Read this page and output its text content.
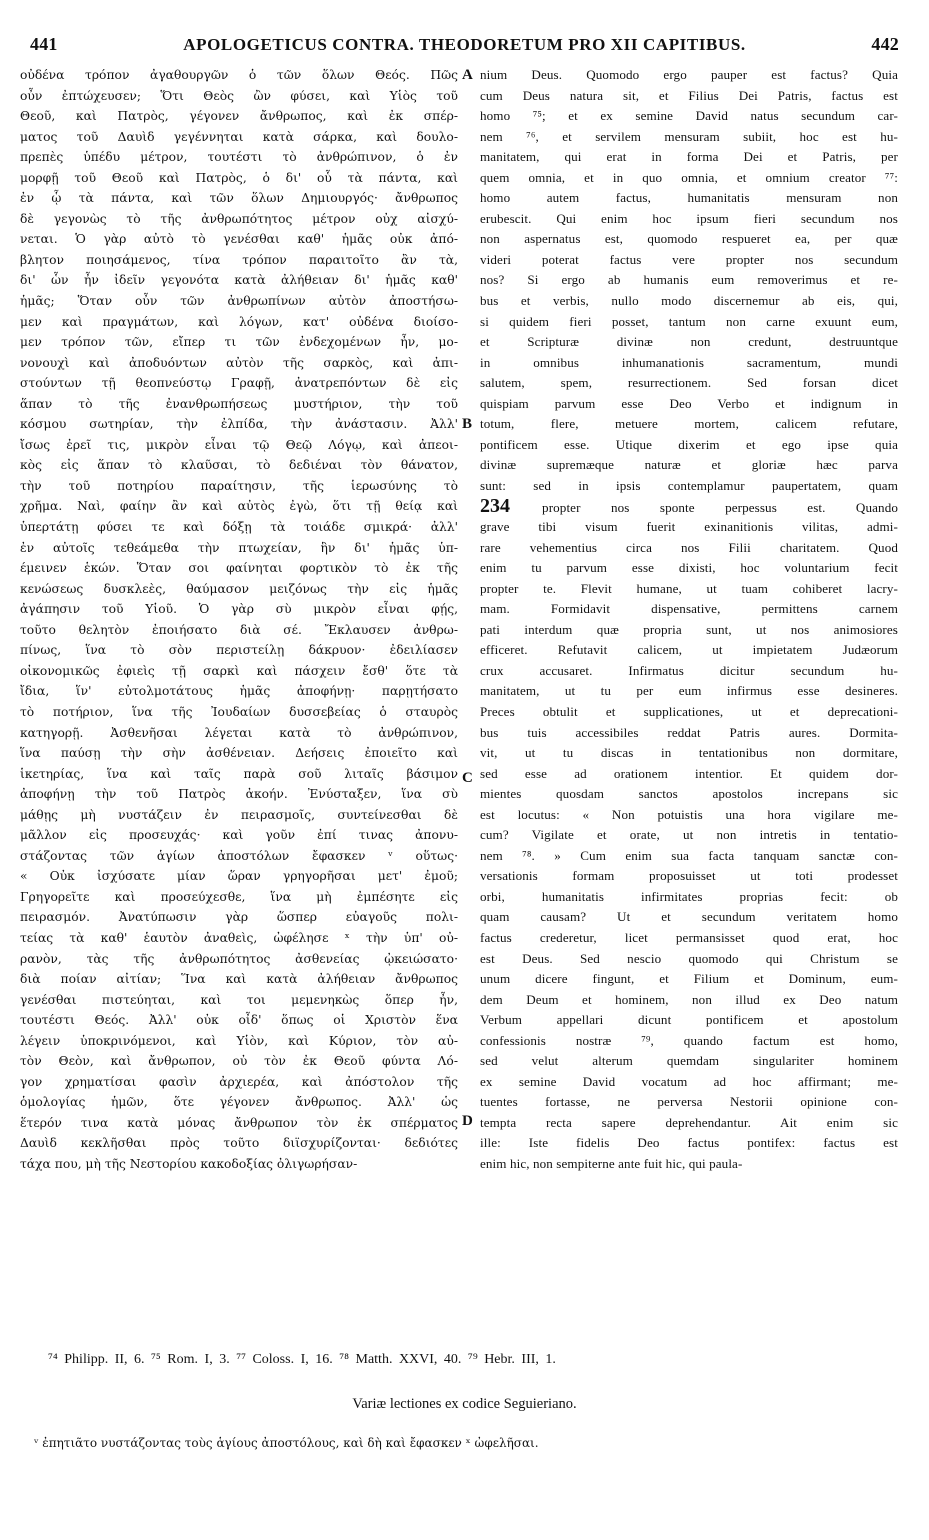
441	APOLOGETICUS CONTRA. THEODORETUM PRO XII CAPITIBUS.	442
οὐδένα τρόπον ἀγαθουργῶν ὁ τῶν ὅλων Θεός. Πῶς
οὖν ἐπτώχευσεν; Ὅτι Θεὸς ὢν φύσει, καὶ Υἱὸς τοῦ
Θεοῦ, καὶ Πατρὸς, γέγονεν ἄνθρωπος, καὶ ἐκ σπέρ-
ματος τοῦ Δαυὶδ γεγέννηται κατὰ σάρκα, καὶ δουλο-
πρεπὲς ὑπέδυ μέτρον, τουτέστι τὸ ἀνθρώπινον, ὁ ἐν
μορφῇ τοῦ Θεοῦ καὶ Πατρὸς, ὁ δι' οὗ τὰ πάντα, καὶ
ἐν ᾧ τὰ πάντα, καὶ τῶν ὅλων Δημιουργός· ἄνθρωπος
δὲ γεγονὼς τὸ τῆς ἀνθρωπότητος μέτρον οὐχ αἰσχύ-
νεται. Ὁ γὰρ αὐτὸ τὸ γενέσθαι καθ' ἡμᾶς οὐκ ἀπό-
βλητον ποιησάμενος, τίνα τρόπον παραιτοῖτο ἂν τὰ,
δι' ὧν ἦν ἰδεῖν γεγονότα κατὰ ἀλήθειαν δι' ἡμᾶς καθ'
ἡμᾶς; Ὅταν οὖν τῶν ἀνθρωπίνων αὐτὸν ἀποστήσω-
μεν καὶ πραγμάτων, καὶ λόγων, κατ' οὐδένα διοίσο-
μεν τρόπον τῶν, εἴπερ τι τῶν ἐνδεχομένων ἦν, μο-
νονουχὶ καὶ ἀποδυόντων αὐτὸν τῆς σαρκὸς, καὶ ἀπι-
στούντων τῇ θεοπνεύστῳ Γραφῇ, ἀνατρεπόντων δὲ εἰς
ἅπαν τὸ τῆς ἐνανθρωπήσεως μυστήριον, τὴν τοῦ
κόσμου σωτηρίαν, τὴν ἐλπίδα, τὴν ἀνάστασιν. Ἀλλ'
ἴσως ἐρεῖ τις, μικρὸν εἶναι τῷ Θεῷ Λόγῳ, καὶ ἀπεοι-
κὸς εἰς ἅπαν τὸ κλαῦσαι, τὸ δεδιέναι τὸν θάνατον,
τὴν τοῦ ποτηρίου παραίτησιν, τῆς ἱερωσύνης τὸ
χρῆμα. Ναὶ, φαίην ἂν καὶ αὐτὸς ἐγὼ, ὅτι τῇ θείᾳ καὶ
ὑπερτάτῃ φύσει τε καὶ δόξῃ τὰ τοιάδε σμικρά· ἀλλ'
ἐν αὐτοῖς τεθεάμεθα τὴν πτωχείαν, ἣν δι' ἡμᾶς ὑπ-
έμεινεν ἑκών. Ὅταν σοι φαίνηται φορτικὸν τὸ ἐκ τῆς
κενώσεως δυσκλεὲς, θαύμασον μειζόνως τὴν εἰς ἡμᾶς
ἀγάπησιν τοῦ Υἱοῦ. Ὁ γὰρ σὺ μικρὸν εἶναι φῄς,
τοῦτο θελητὸν ἐποιήσατο διὰ σέ. Ἔκλαυσεν ἀνθρω-
πίνως, ἵνα τὸ σὸν περιστείλῃ δάκρυον· ἐδειλίασεν
οἰκονομικῶς ἐφιεὶς τῇ σαρκὶ καὶ πάσχειν ἔσθ' ὅτε τὰ
ἴδια, ἵν' εὐτολμοτάτους ἡμᾶς ἀποφήνῃ· παρῃτήσατο
τὸ ποτήριον, ἵνα τῆς Ἰουδαίων δυσσεβείας ὁ σταυρὸς
κατηγορῇ. Ἀσθενῆσαι λέγεται κατὰ τὸ ἀνθρώπινον,
ἵνα παύσῃ τὴν σὴν ἀσθένειαν. Δεήσεις ἐποιεῖτο καὶ
ἱκετηρίας, ἵνα καὶ ταῖς παρὰ σοῦ λιταῖς βάσιμον
ἀποφήνῃ τὴν τοῦ Πατρὸς ἀκοήν. Ἐνύσταξεν, ἵνα σὺ
μάθῃς μὴ νυστάζειν ἐν πειρασμοῖς, συντείνεσθαι δὲ
μᾶλλον εἰς προσευχάς· καὶ γοῦν ἐπί τινας ἀπονυ-
στάζοντας τῶν ἁγίων ἀποστόλων ἔφασκεν ᵛ οὕτως·
« Οὐκ ἰσχύσατε μίαν ὥραν γρηγορῆσαι μετ' ἐμοῦ;
Γρηγορεῖτε καὶ προσεύχεσθε, ἵνα μὴ ἐμπέσητε εἰς
πειρασμόν. Ἀνατύπωσιν γὰρ ὥσπερ εὐαγοῦς πολι-
τείας τὰ καθ' ἑαυτὸν ἀναθεὶς, ὠφέλησε ˣ τὴν ὑπ' οὐ-
ρανὸν, τὰς τῆς ἀνθρωπότητος ἀσθενείας ᾠκειώσατο·
διὰ ποίαν αἰτίαν; Ἵνα καὶ κατὰ ἀλήθειαν ἄνθρωπος
γενέσθαι πιστεύηται, καὶ τοι μεμενηκὼς ὅπερ ἦν,
τουτέστι Θεός. Ἀλλ' οὐκ οἶδ' ὅπως οἱ Χριστὸν ἕνα
λέγειν ὑποκρινόμενοι, καὶ Υἱὸν, καὶ Κύριον, τὸν αὐ-
τὸν Θεὸν, καὶ ἄνθρωπον, οὐ τὸν ἐκ Θεοῦ φύντα Λό-
γον χρηματίσαι φασὶν ἀρχιερέα, καὶ ἀπόστολον τῆς
ὁμολογίας ἡμῶν, ὅτε γέγονεν ἄνθρωπος. Ἀλλ' ὡς
ἕτερόν τινα κατὰ μόνας ἄνθρωπον τὸν ἐκ σπέρματος
Δαυὶδ κεκλῆσθαι πρὸς τοῦτο διϊσχυρίζονται· δεδιότες
τάχα που, μὴ τῆς Νεστορίου κακοδοξίας ὀλιγωρήσαν-
nium Deus. Quomodo ergo pauper est factus? Quia
cum Deus natura sit, et Filius Dei Patris, factus est
homo ⁷⁵; et ex semine David natus secundum car-
nem ⁷⁶, et servilem mensuram subiit, hoc est hu-
manitatem, qui erat in forma Dei et Patris, per
quem omnia, et in quo omnia, et omnium creator ⁷⁷:
homo autem factus, humanitatis mensuram non
erubescit. Qui enim hoc ipsum fieri secundum nos
non aspernatus est, quomodo respueret ea, per quæ
videri poterat factus vere propter nos secundum
nos? Si ergo ab humanis eum removerimus et re-
bus et verbis, nullo modo discernemur ab eis, qui,
si quidem fieri posset, tantum non carne exuunt eum,
et Scripturæ divinæ non credunt, destruuntque
in omnibus inhumanationis sacramentum, mundi
salutem, spem, resurrectionem. Sed forsan dicet
quispiam parvum esse Deo Verbo et indignum in
totum, flere, metuere mortem, calicem refutare,
pontificem esse. Utique dixerim et ego ipse quia
divinæ supremæque naturæ et gloriæ hæc parva
sunt: sed in ipsis contemplamur paupertatem, quam
234 propter nos sponte perpessus est. Quando
grave tibi visum fuerit exinanitionis vilitas, admi-
rare vehementius circa nos Filii charitatem. Quod
enim tu parvum esse dixisti, hoc voluntarium fecit
propter te. Flevit humane, ut tuam cohiberet lacry-
mam. Formidavit dispensative, permittens carnem
pati interdum quæ propria sunt, ut nos animosiores
efficeret. Refutavit calicem, ut impietatem Judæorum
crux accusaret. Infirmatus dicitur secundum hu-
manitatem, ut tu per eum infirmus esse desineres.
Preces obtulit et supplicationes, ut et deprecationi-
bus tuis accessibiles reddat Patris aures. Dormita-
vit, ut tu discas in tentationibus non dormitare,
sed esse ad orationem intentior. Et quidem dor-
mientes quosdam sanctos apostolos increpans sic
est locutus: « Non potuistis una hora vigilare me-
cum? Vigilate et orate, ut non intretis in tentatio-
nem ⁷⁸. » Cum enim sua facta tanquam sanctæ con-
versationis formam proposuisset ut toti prodesset
orbi, humanitatis infirmitates proprias fecit: ob
quam causam? Ut et secundum veritatem homo
factus crederetur, licet permansisset quod erat, hoc
est Deus. Sed nescio quomodo qui Christum se
unum dicere fingunt, et Filium et Dominum, eum-
dem Deum et hominem, non illud ex Deo natum
Verbum appellari dicunt pontificem et apostolum
confessionis nostræ ⁷⁹, quando factum est homo,
sed velut alterum quemdam singulariter hominem
ex semine David vocatum ad hoc affirmant; me-
tuentes fortasse, ne perversa Nestorii opinione con-
tempta recta sapere deprehendantur. Ait enim sic
ille: Iste fidelis Deo factus pontifex: factus est
enim hic, non sempiterne ante fuit hic, qui paula-
A
B
C
D
⁷⁴ Philipp. II, 6. ⁷⁵ Rom. I, 3. ⁷⁷ Coloss. I, 16. ⁷⁸ Matth. XXVI, 40. ⁷⁹ Hebr. III, 1.
Variæ lectiones ex codice Seguieriano.
ᵛ ἐπητιᾶτο νυστάζοντας τοὺς ἁγίους ἀποστόλους, καὶ δὴ καὶ ἔφασκεν ˣ ὠφελῆσαι.
